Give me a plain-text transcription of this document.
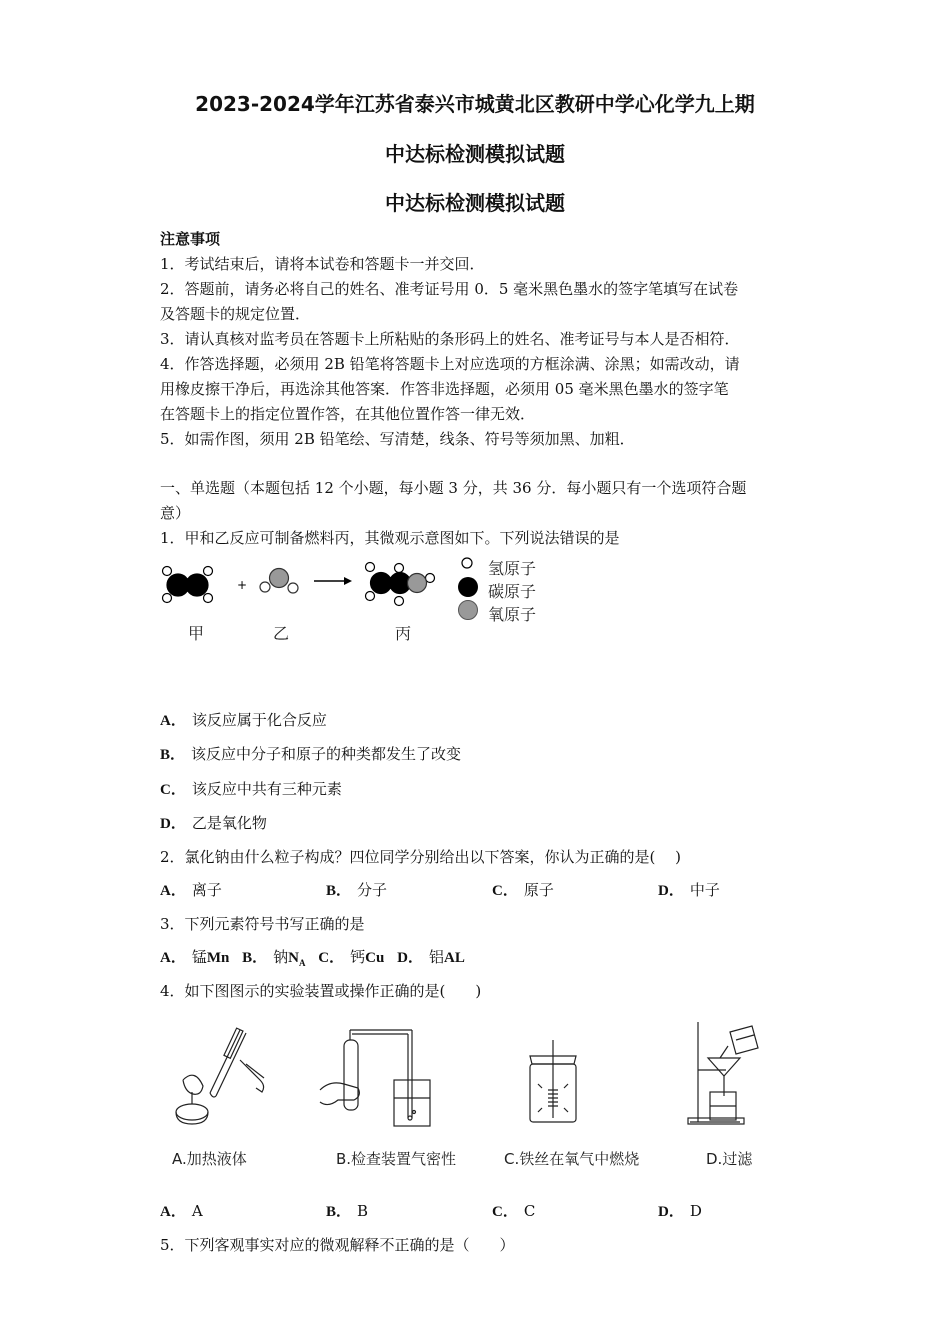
2023-2024学年江苏省泰兴市城黄北区教研中学心化学九上期
中达标检测模拟试题
中达标检测模拟试题
注意事项
1．考试结束后，请将本试卷和答题卡一并交回．
2．答题前，请务必将自己的姓名、准考证号用 0．5 毫米黑色墨水的签字笔填写在试卷
及答题卡的规定位置．
3．请认真核对监考员在答题卡上所粘贴的条形码上的姓名、准考证号与本人是否相符．
4．作答选择题，必须用 2B 铅笔将答题卡上对应选项的方框涂满、涂黑；如需改动，请
用橡皮擦干净后，再选涂其他答案．作答非选择题，必须用 05 毫米黑色墨水的签字笔
在答题卡上的指定位置作答，在其他位置作答一律无效．
5．如需作图，须用 2B 铅笔绘、写清楚，线条、符号等须加黑、加粗．
一、单选题（本题包括 12 个小题，每小题 3 分，共 36 分．每小题只有一个选项符合题
意）
1．甲和乙反应可制备燃料丙，其微观示意图如下。下列说法错误的是
+
氢原子
碳原子
氧原子
甲	乙	丙
A． 该反应属于化合反应
B． 该反应中分子和原子的种类都发生了改变
C． 该反应中共有三种元素
D． 乙是氧化物
2．氯化钠由什么粒子构成？四位同学分别给出以下答案，你认为正确的是(　 )
A． 离子	B． 分子	C． 原子	D． 中子
3．下列元素符号书写正确的是
A． 锰Mn B． 钠$N_A$ C． 钙Cu D． 铝AL
4．如下图图示的实验装置或操作正确的是(　　)
A.加热液体	B.检查装置气密性	C.铁丝在氧气中燃烧	D.过滤
A． A	B． B	C． C	D． D
5．下列客观事实对应的微观解释不正确的是（　　）
